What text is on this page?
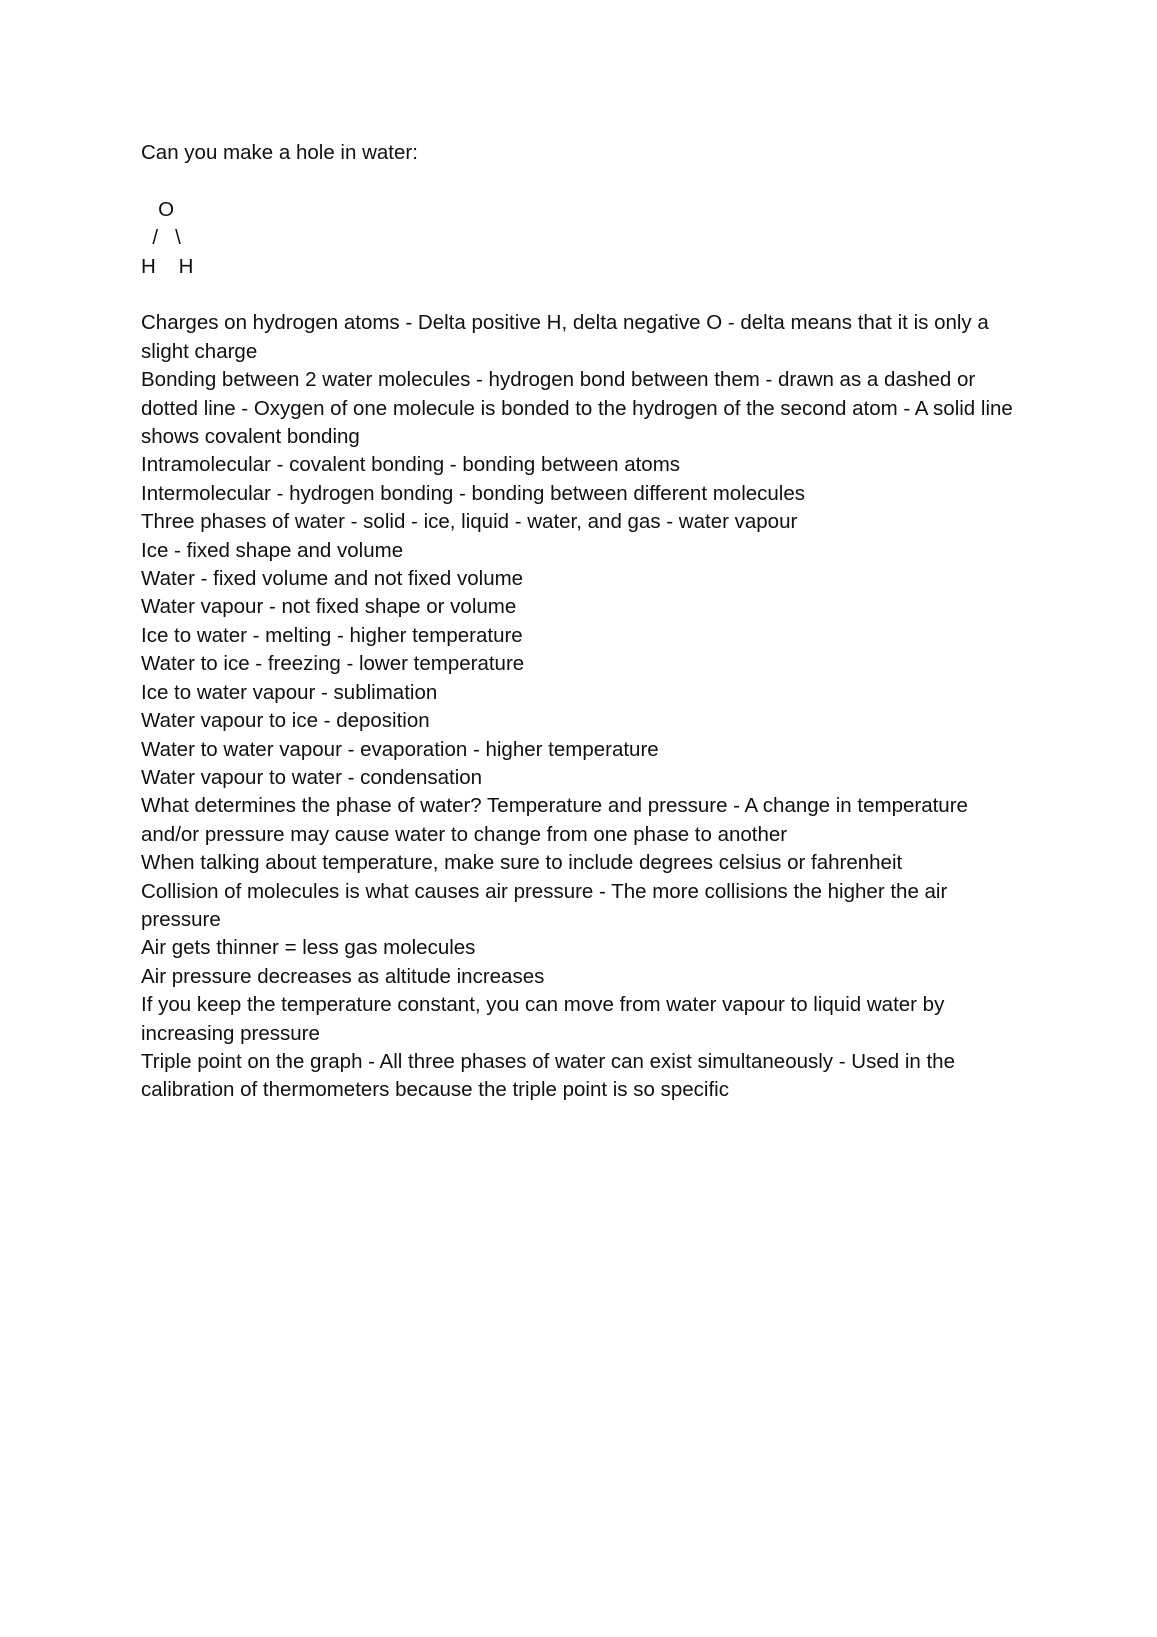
Can you make a hole in water:
O
/   \
H    H

Charges on hydrogen atoms - Delta positive H, delta negative O - delta means that it is only a slight charge

Bonding between 2 water molecules - hydrogen bond between them - drawn as a dashed or dotted line - Oxygen of one molecule is bonded to the hydrogen of the second atom - A solid line shows covalent bonding

Intramolecular - covalent bonding - bonding between atoms

Intermolecular - hydrogen bonding - bonding between different molecules

Three phases of water - solid - ice, liquid - water, and gas - water vapour

Ice - fixed shape and volume

Water - fixed volume and not fixed volume

Water vapour - not fixed shape or volume

Ice to water - melting - higher temperature

Water to ice - freezing - lower temperature

Ice to water vapour - sublimation

Water vapour to ice - deposition

Water to water vapour - evaporation - higher temperature

Water vapour to water - condensation

What determines the phase of water? Temperature and pressure - A change in temperature and/or pressure may cause water to change from one phase to another

When talking about temperature, make sure to include degrees celsius or fahrenheit

Collision of molecules is what causes air pressure - The more collisions the higher the air pressure

Air gets thinner = less gas molecules

Air pressure decreases as altitude increases

If you keep the temperature constant, you can move from water vapour to liquid water by increasing pressure

Triple point on the graph - All three phases of water can exist simultaneously - Used in the calibration of thermometers because the triple point is so specific
